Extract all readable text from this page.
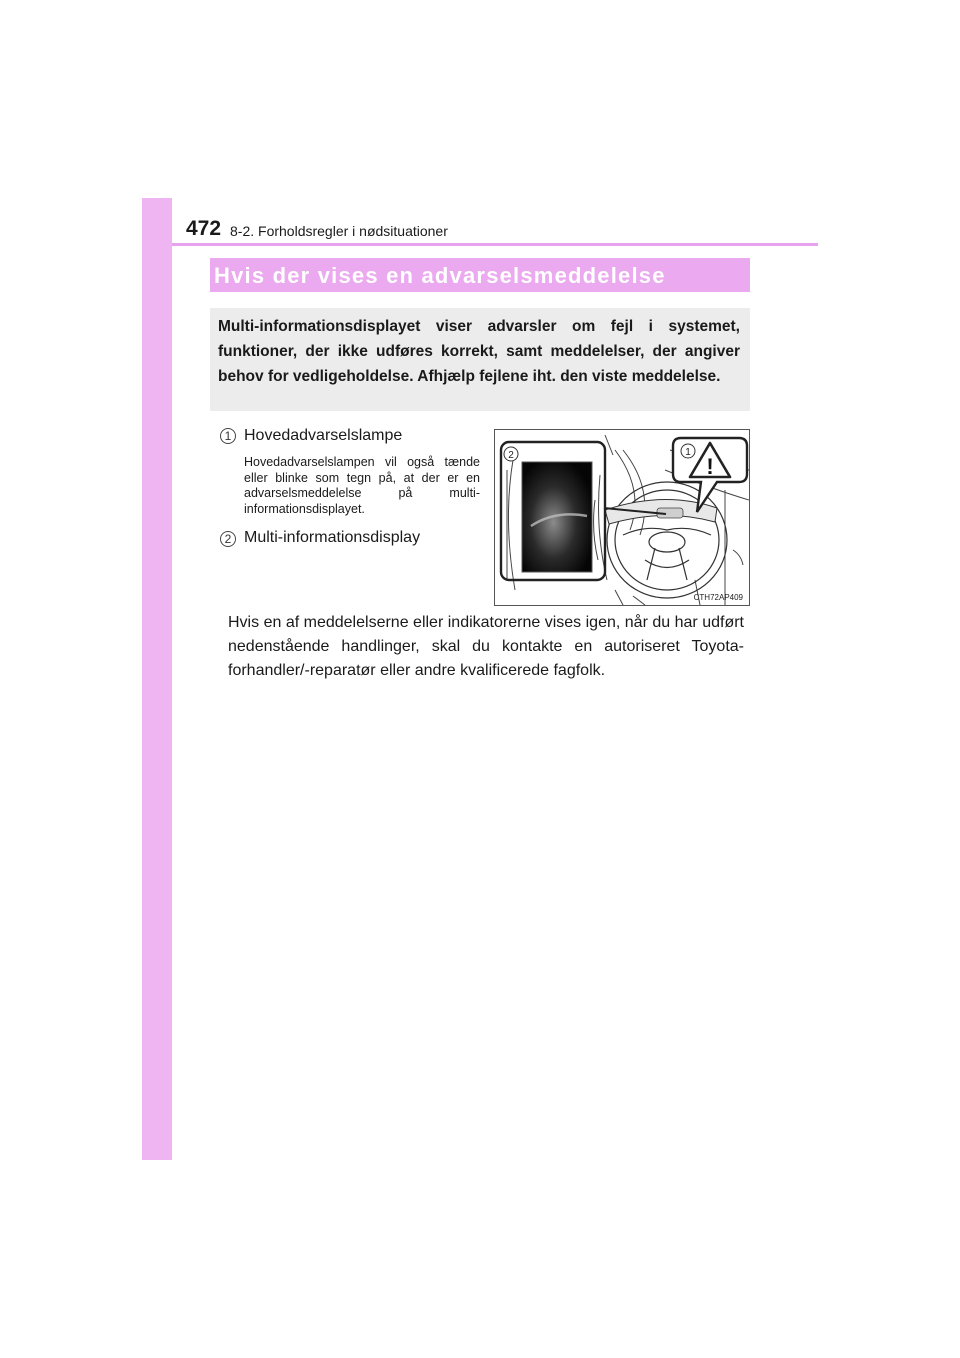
472 8-2. Forholdsregler i nødsituationer
Hvis der vises en advarselsmeddelelse
Multi-informationsdisplayet viser advarsler om fejl i systemet, funktioner, der ikke udføres korrekt, samt meddelelser, der angiver behov for vedligeholdelse. Afhjælp fejlene iht. den viste meddelelse.
1 Hovedadvarselslampe
Hovedadvarselslampen vil også tænde eller blinke som tegn på, at der er en advarselsmeddelelse på multi-informationsdisplayet.
2 Multi-informationsdisplay
!
2	1
CTH72AP409
Hvis en af meddelelserne eller indikatorerne vises igen, når du har udført nedenstående handlinger, skal du kontakte en autoriseret Toyota-forhandler/-reparatør eller andre kvalificerede fagfolk.
